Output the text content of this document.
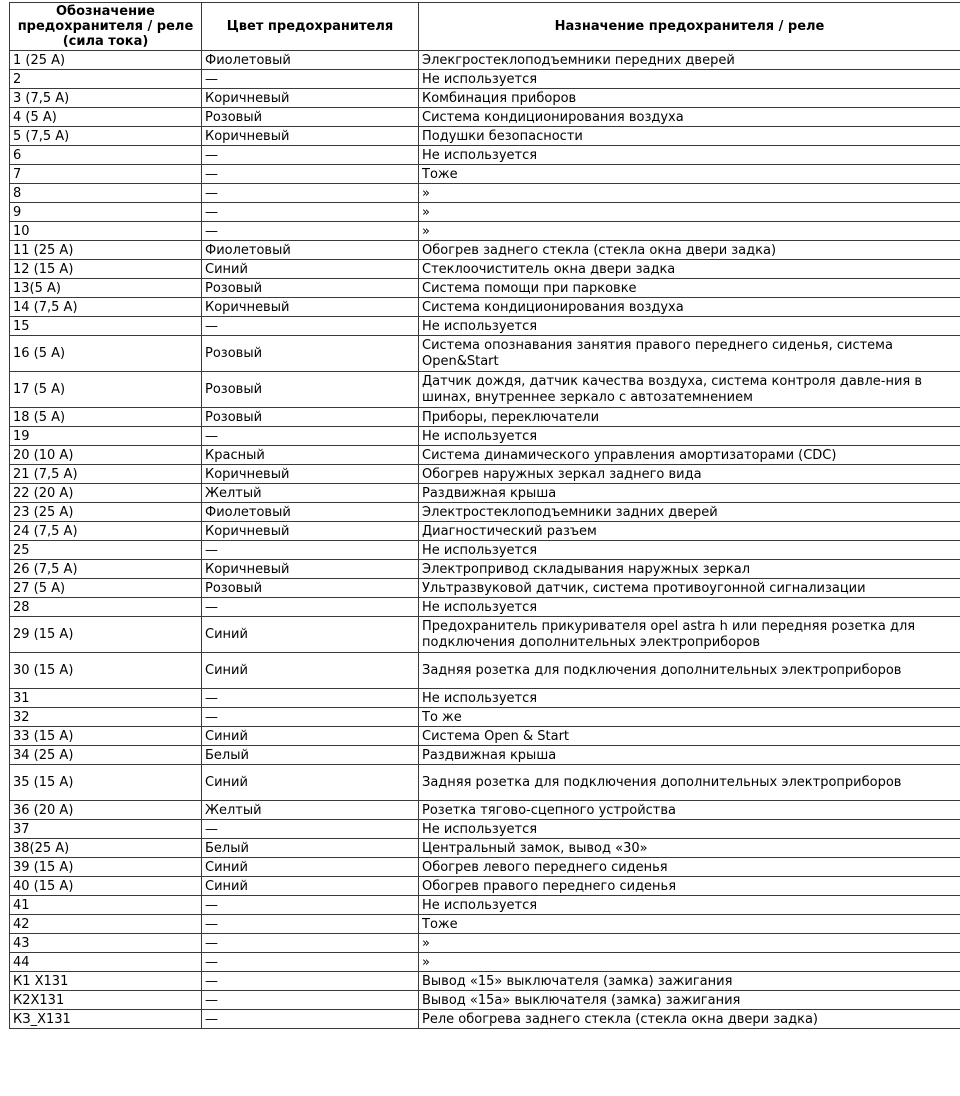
Обозначение предохранителя / реле (сила тока)	Цвет предохранителя	Назначение предохранителя / реле
1 (25 А)	Фиолетовый	Элекгростеклоподъемники передних дверей
2	—	Не используется
3 (7,5 А)	Коричневый	Комбинация приборов
4 (5 А)	Розовый	Система кондиционирования воздуха
5 (7,5 А)	Коричневый	Подушки безопасности
6	—	Не используется
7	—	Тоже
8	—	»
9	—	»
10	—	»
11 (25 А)	Фиолетовый	Обогрев заднего стекла (стекла окна двери задка)
12 (15 А)	Синий	Стеклоочиститель окна двери задка
13(5 А)	Розовый	Система помощи при парковке
14 (7,5 А)	Коричневый	Система кондиционирования воздуха
15	—	Не используется
16 (5 А)	Розовый	Система опознавания занятия правого переднего сиденья, система Open&Start
17 (5 А)	Розовый	Датчик дождя, датчик качества воздуха, система контроля давле-ния в шинах, внутреннее зеркало с автозатемнением
18 (5 А)	Розовый	Приборы, переключатели
19	—	Не используется
20 (10 А)	Красный	Система динамического управления амортизаторами (CDC)
21 (7,5 А)	Коричневый	Обогрев наружных зеркал заднего вида
22 (20 А)	Желтый	Раздвижная крыша
23 (25 А)	Фиолетовый	Электростеклоподъемники задних дверей
24 (7,5 А)	Коричневый	Диагностический разъем
25	—	Не используется
26 (7,5 А)	Коричневый	Электропривод складывания наружных зеркал
27 (5 А)	Розовый	Ультразвуковой датчик, система противоугонной сигнализации
28	—	Не используется
29 (15 А)	Синий	Предохранитель прикуривателя opel astra h или передняя розетка для подключения дополнительных электроприборов
30 (15 А)	Синий	Задняя розетка для подключения дополнительных электроприборов
31	—	Не используется
32	—	То же
33 (15 А)	Синий	Система Open & Start
34 (25 А)	Белый	Раздвижная крыша
35 (15 А)	Синий	Задняя розетка для подключения дополнительных электроприборов
36 (20 А)	Желтый	Розетка тягово-сцепного устройства
37	—	Не используется
38(25 А)	Белый	Центральный замок, вывод «30»
39 (15 А)	Синий	Обогрев левого переднего сиденья
40 (15 А)	Синий	Обогрев правого переднего сиденья
41	—	Не используется
42	—	Тоже
43	—	»
44	—	»
К1 Х131	—	Вывод «15» выключателя (замка) зажигания
К2Х131	—	Вывод «15а» выключателя (замка) зажигания
КЗ_Х131	—	Реле обогрева заднего стекла (стекла окна двери задка)
